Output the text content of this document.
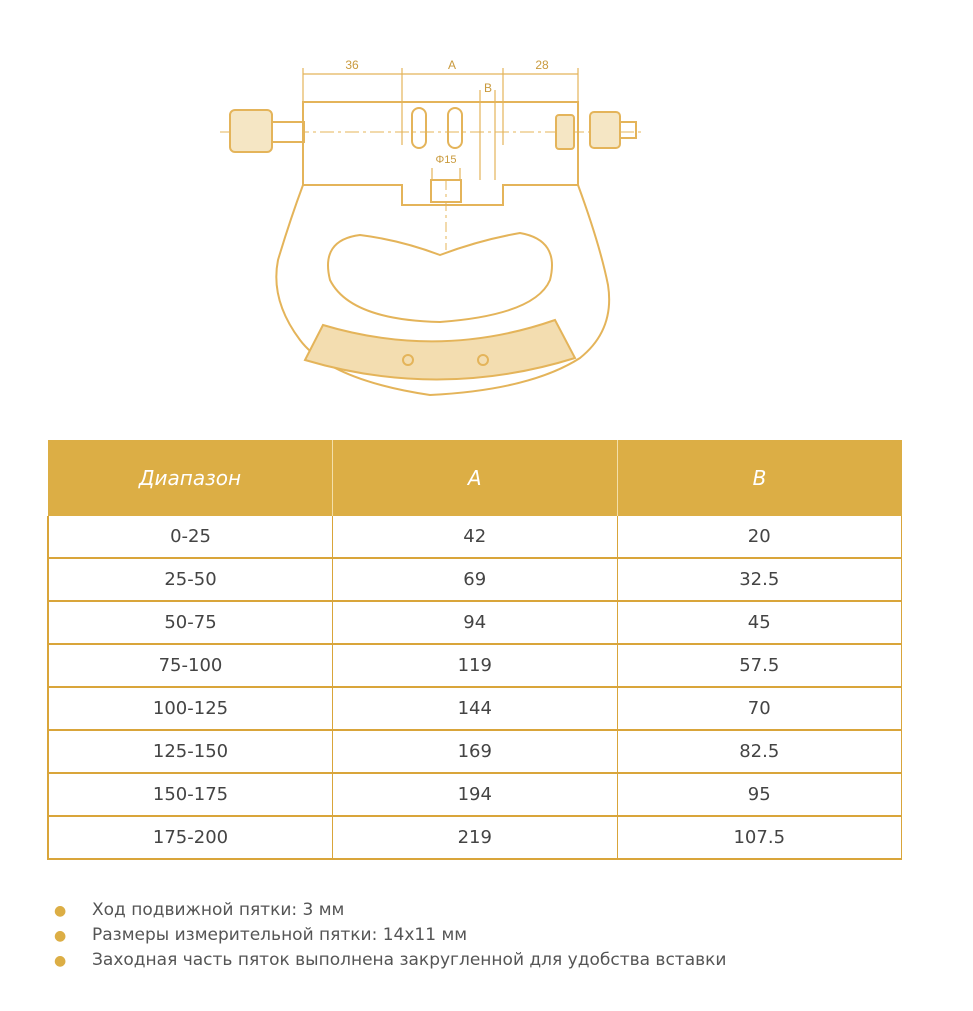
36	A	28
B
Φ15
Диапазон	A	B
0-25	42	20
25-50	69	32.5
50-75	94	45
75-100	119	57.5
100-125	144	70
125-150	169	82.5
150-175	194	95
175-200	219	107.5
● Ход подвижной пятки: 3 мм
● Размеры измерительной пятки: 14х11 мм
● Заходная часть пяток выполнена закругленной для удобства вставки
